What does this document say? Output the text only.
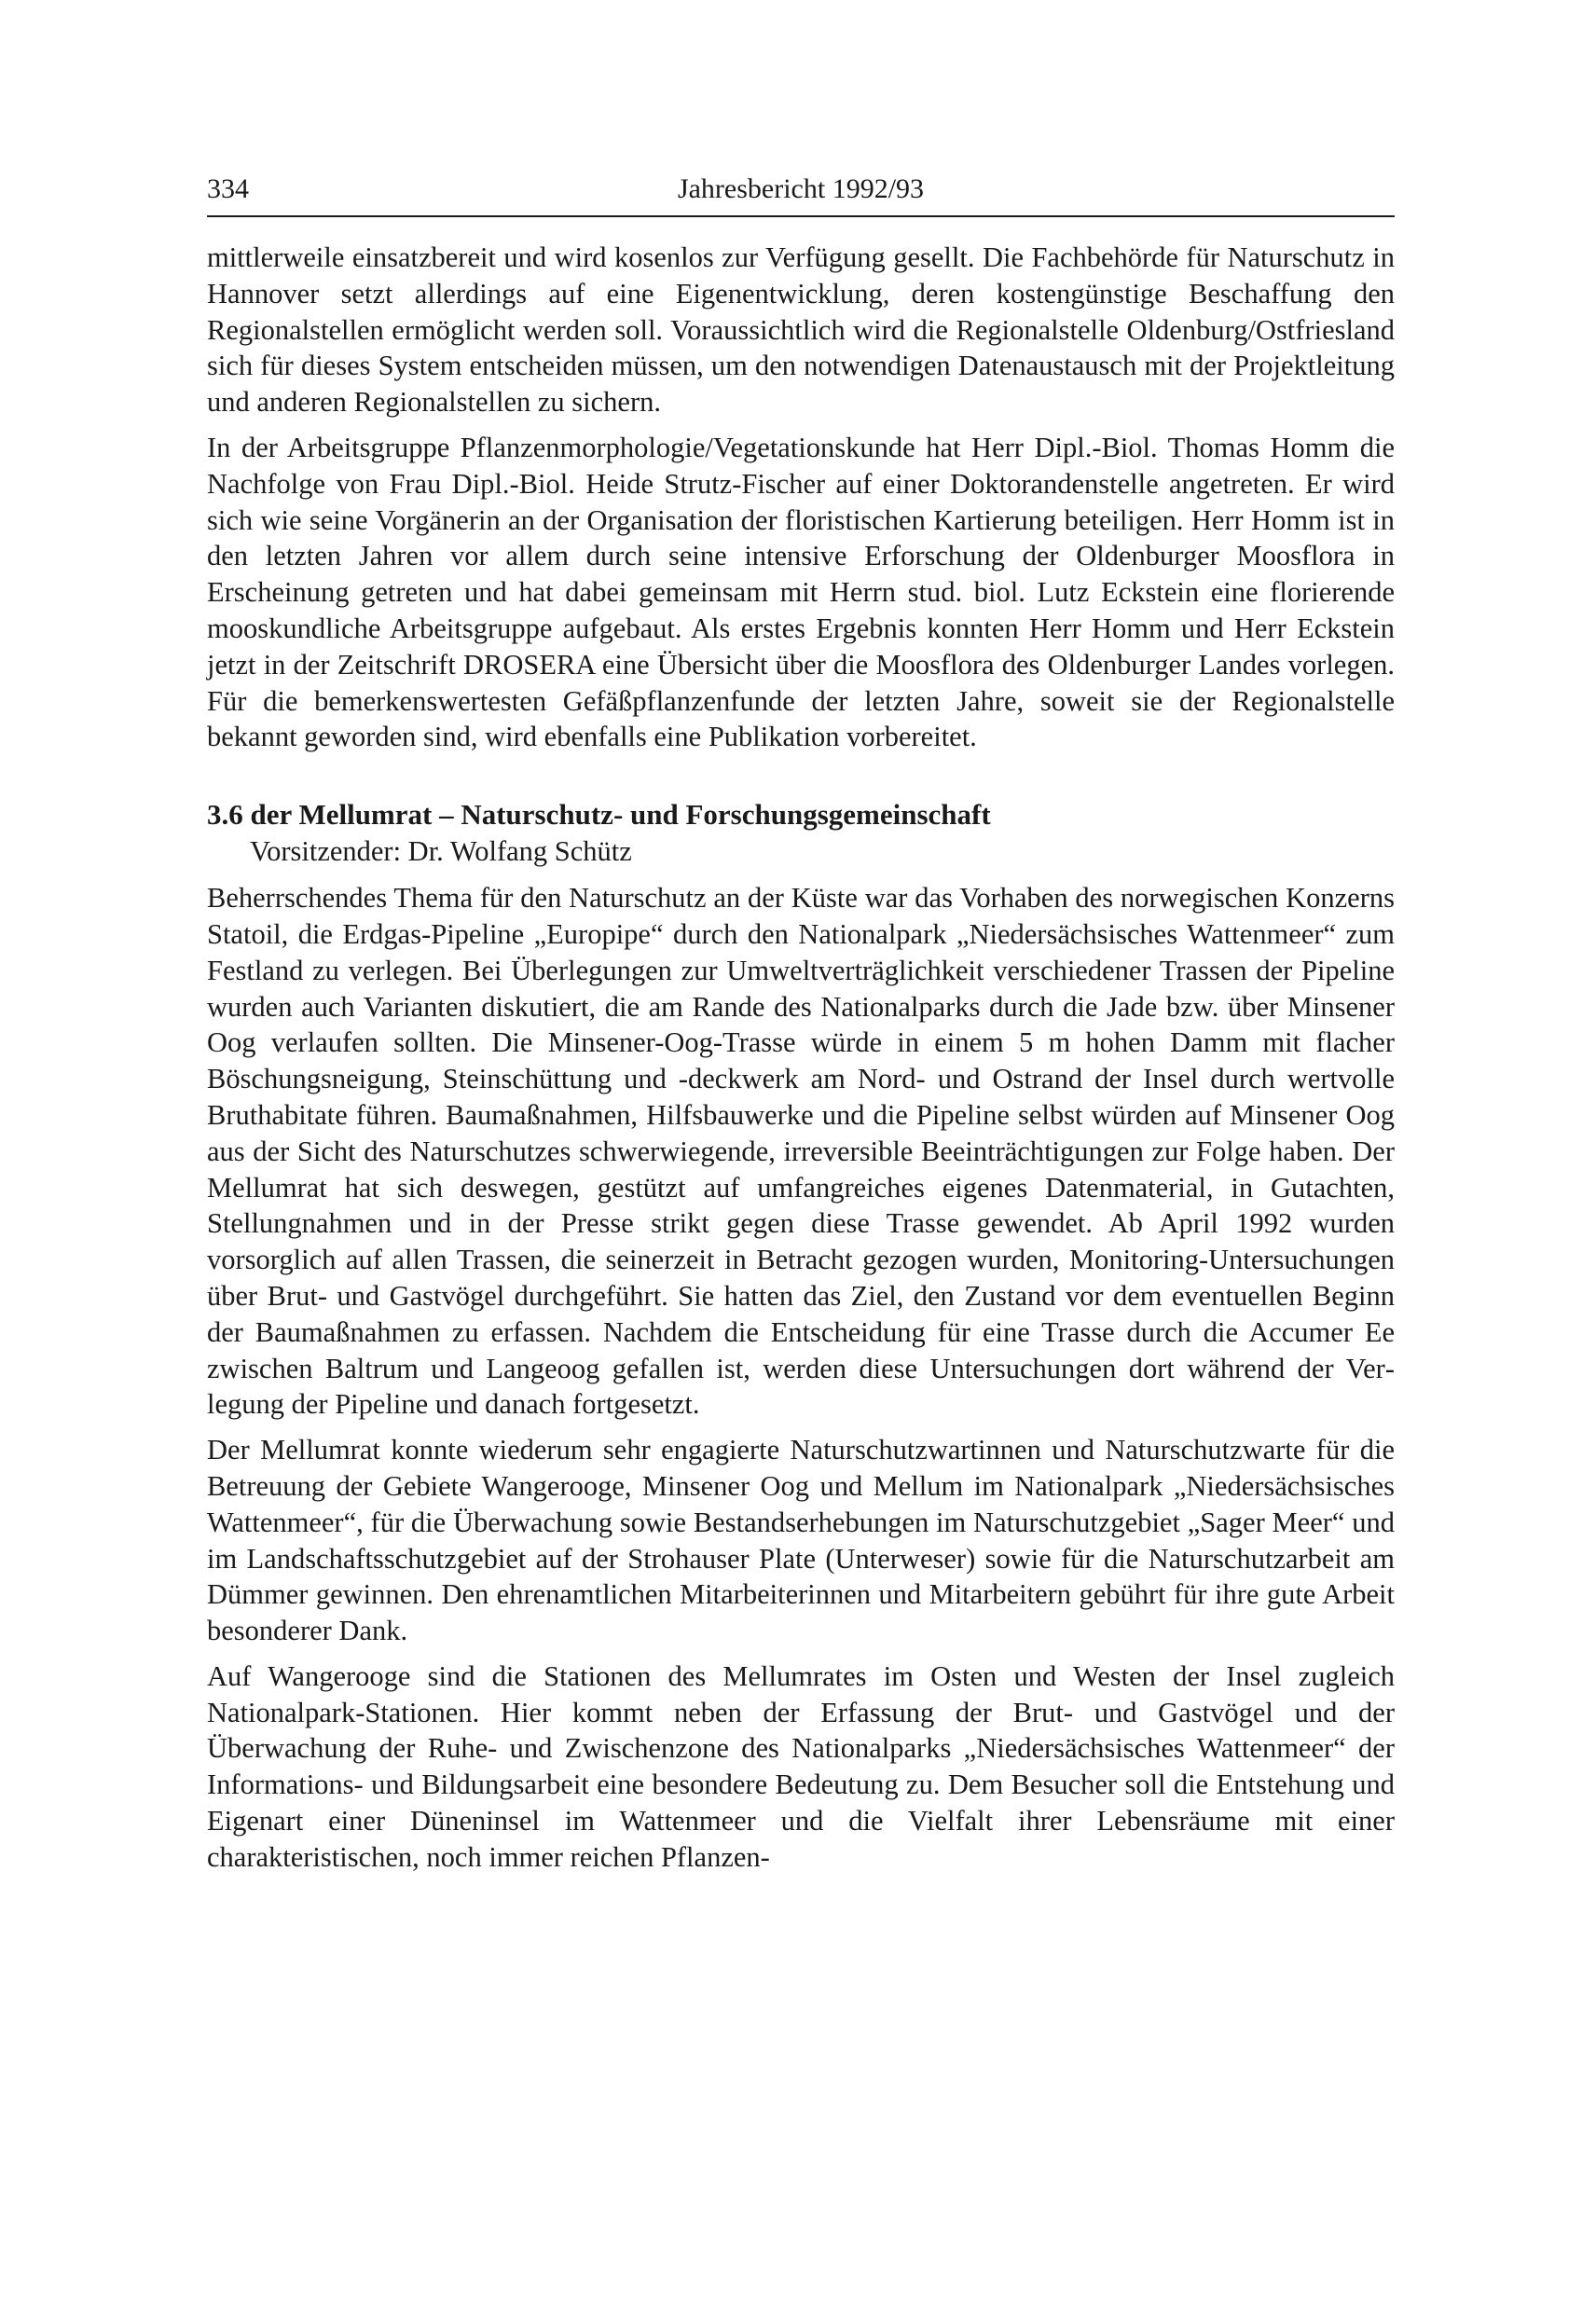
334	Jahresbericht 1992/93

mittlerweile einsatzbereit und wird kosenlos zur Verfügung gesellt. Die Fachbehörde für Naturschutz in Hannover setzt allerdings auf eine Eigenentwicklung, deren kostengünstige Beschaffung den Regionalstellen ermöglicht werden soll. Voraussichtlich wird die Regionalstelle Oldenburg/Ostfriesland sich für dieses System entscheiden müssen, um den notwendigen Datenaustausch mit der Projektleitung und anderen Regionalstellen zu sichern.

In der Arbeitsgruppe Pflanzenmorphologie/Vegetationskunde hat Herr Dipl.-Biol. Thomas Homm die Nachfolge von Frau Dipl.-Biol. Heide Strutz-Fischer auf einer Doktorandenstelle angetreten. Er wird sich wie seine Vorgänerin an der Organisation der floristischen Kartierung beteiligen. Herr Homm ist in den letzten Jahren vor allem durch seine intensive Erforschung der Oldenburger Moosflora in Erscheinung getreten und hat dabei gemeinsam mit Herrn stud. biol. Lutz Eckstein eine florierende mooskundliche Arbeitsgruppe aufgebaut. Als erstes Ergebnis konnten Herr Homm und Herr Eckstein jetzt in der Zeitschrift DROSERA eine Übersicht über die Moosflora des Oldenburger Landes vorlegen. Für die bemerkenswertesten Gefäßpflanzenfunde der letzten Jahre, soweit sie der Regionalstelle bekannt geworden sind, wird ebenfalls eine Publikation vorbereitet.

3.6 der Mellumrat – Naturschutz- und Forschungsgemeinschaft
Vorsitzender: Dr. Wolfang Schütz

Beherrschendes Thema für den Naturschutz an der Küste war das Vorhaben des norwegischen Konzerns Statoil, die Erdgas-Pipeline „Europipe“ durch den Nationalpark „Niedersächsisches Wattenmeer“ zum Festland zu verlegen. Bei Überlegungen zur Umweltverträglichkeit verschiedener Trassen der Pipeline wurden auch Varianten diskutiert, die am Rande des Nationalparks durch die Jade bzw. über Minsener Oog verlaufen sollten. Die Minsener-Oog-Trasse würde in einem 5 m hohen Damm mit flacher Böschungsneigung, Steinschüttung und -deckwerk am Nord- und Ostrand der Insel durch wertvolle Bruthabitate führen. Baumaßnahmen, Hilfsbauwerke und die Pipeline selbst würden auf Minsener Oog aus der Sicht des Naturschutzes schwerwiegende, irreversible Beeinträchtigungen zur Folge haben. Der Mellumrat hat sich deswegen, gestützt auf umfangreiches eigenes Datenmaterial, in Gutachten, Stellungnahmen und in der Presse strikt gegen diese Trasse gewendet. Ab April 1992 wurden vorsorglich auf allen Trassen, die seinerzeit in Betracht gezogen wurden, Monitoring-Untersuchungen über Brut- und Gastvögel durchgeführt. Sie hatten das Ziel, den Zustand vor dem eventuellen Beginn der Baumaßnahmen zu erfassen. Nachdem die Entscheidung für eine Trasse durch die Accumer Ee zwischen Baltrum und Langeoog gefallen ist, werden diese Untersuchungen dort während der Verlegung der Pipeline und danach fortgesetzt.

Der Mellumrat konnte wiederum sehr engagierte Naturschutzwartinnen und Naturschutzwarte für die Betreuung der Gebiete Wangerooge, Minsener Oog und Mellum im Nationalpark „Niedersächsisches Wattenmeer“, für die Überwachung sowie Bestandserhebungen im Naturschutzgebiet „Sager Meer“ und im Landschaftsschutzgebiet auf der Strohauser Plate (Unterweser) sowie für die Naturschutzarbeit am Dümmer gewinnen. Den ehrenamtlichen Mitarbeiterinnen und Mitarbeitern gebührt für ihre gute Arbeit besonderer Dank.

Auf Wangerooge sind die Stationen des Mellumrates im Osten und Westen der Insel zugleich Nationalpark-Stationen. Hier kommt neben der Erfassung der Brut- und Gastvögel und der Überwachung der Ruhe- und Zwischenzone des Nationalparks „Niedersächsisches Wattenmeer“ der Informations- und Bildungsarbeit eine besondere Bedeutung zu. Dem Besucher soll die Entstehung und Eigenart einer Düneninsel im Wattenmeer und die Vielfalt ihrer Lebensräume mit einer charakteristischen, noch immer reichen Pflanzen-
